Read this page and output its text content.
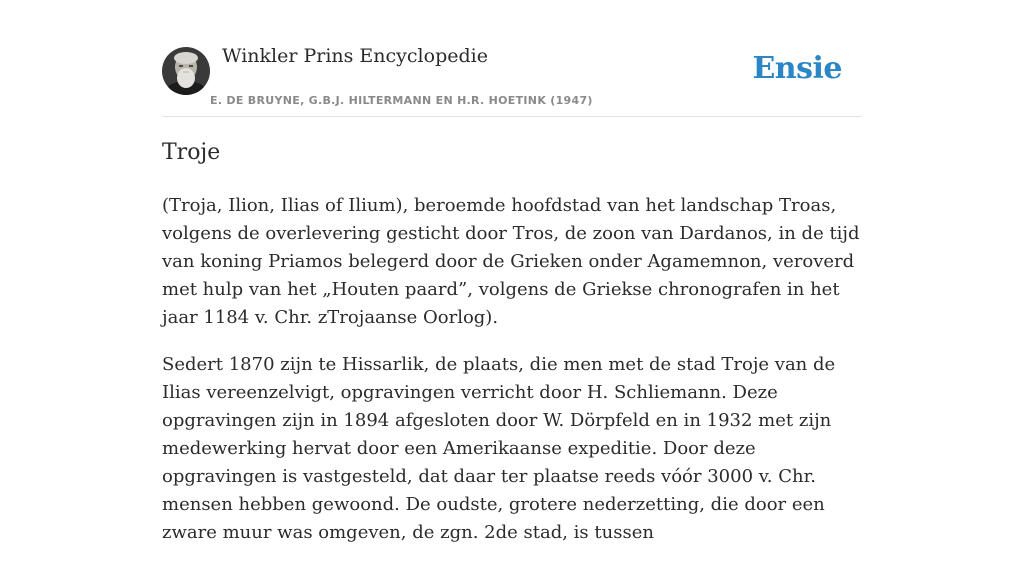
Winkler Prins Encyclopedie
E. DE BRUYNE, G.B.J. HILTERMANN EN H.R. HOETINK (1947)
Ensie
Troje

(Troja, Ilion, Ilias of Ilium), beroemde hoofdstad van het landschap Troas, volgens de overlevering gesticht door Tros, de zoon van Dardanos, in de tijd van koning Priamos belegerd door de Grieken onder Agamemnon, veroverd met hulp van het „Houten paard”, volgens de Griekse chronografen in het jaar 1184 v. Chr. zTrojaanse Oorlog).

Sedert 1870 zijn te Hissarlik, de plaats, die men met de stad Troje van de Ilias vereenzelvigt, opgravingen verricht door H. Schliemann. Deze opgravingen zijn in 1894 afgesloten door W. Dörpfeld en in 1932 met zijn medewerking hervat door een Amerikaanse expeditie. Door deze opgravingen is vastgesteld, dat daar ter plaatse reeds vóór 3000 v. Chr. mensen hebben gewoond. De oudste, grotere nederzetting, die door een zware muur was omgeven, de zgn. 2de stad, is tussen
